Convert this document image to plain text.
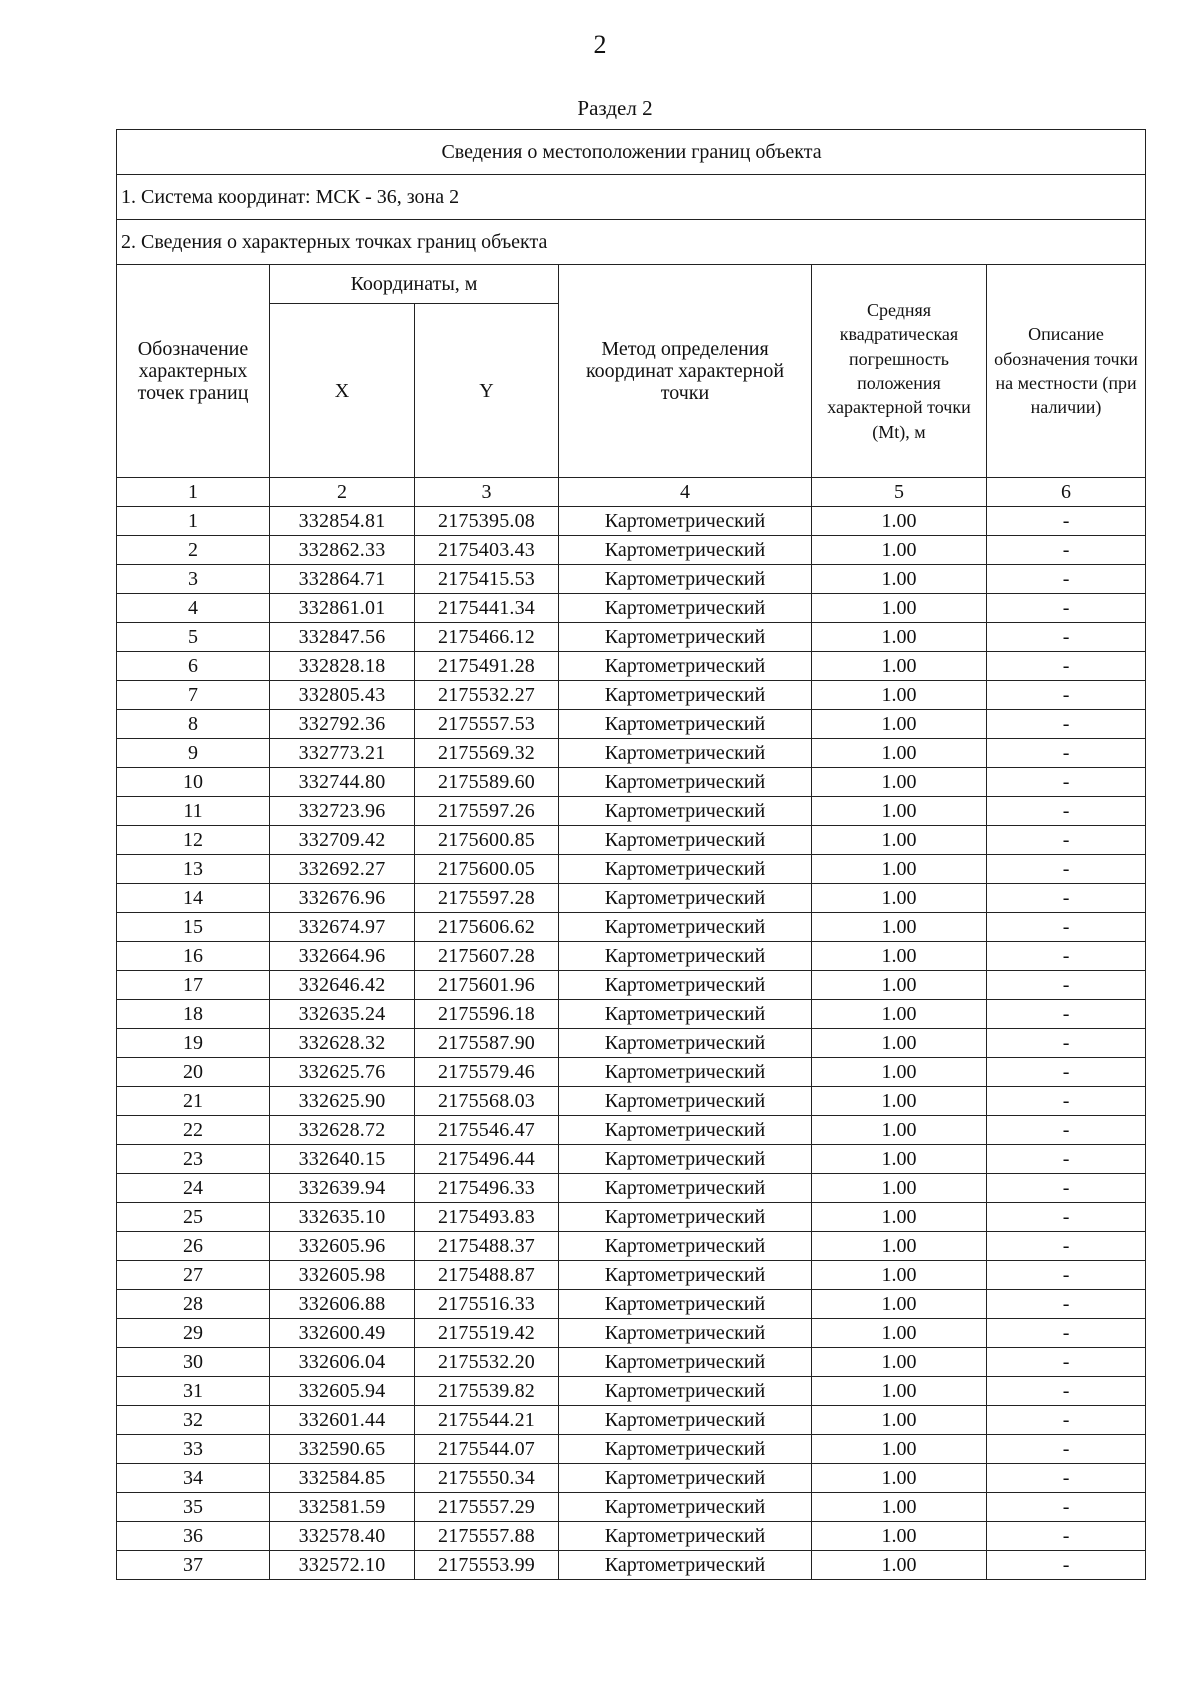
2
Раздел 2
Сведения о местоположении границ объекта					
1. Система координат: МСК - 36, зона 2					
2. Сведения о характерных точках границ объекта					
Обозначение характерных точек границ	Координаты, м		Метод определения координат характерной точки	Средняя квадратическая погрешность положения характерной точки (Mt), м	Описание обозначения точки на местности (при наличии)
	X	Y			
1	2	3	4	5	6
1	332854.81	2175395.08	Картометрический	1.00	-
2	332862.33	2175403.43	Картометрический	1.00	-
3	332864.71	2175415.53	Картометрический	1.00	-
4	332861.01	2175441.34	Картометрический	1.00	-
5	332847.56	2175466.12	Картометрический	1.00	-
6	332828.18	2175491.28	Картометрический	1.00	-
7	332805.43	2175532.27	Картометрический	1.00	-
8	332792.36	2175557.53	Картометрический	1.00	-
9	332773.21	2175569.32	Картометрический	1.00	-
10	332744.80	2175589.60	Картометрический	1.00	-
11	332723.96	2175597.26	Картометрический	1.00	-
12	332709.42	2175600.85	Картометрический	1.00	-
13	332692.27	2175600.05	Картометрический	1.00	-
14	332676.96	2175597.28	Картометрический	1.00	-
15	332674.97	2175606.62	Картометрический	1.00	-
16	332664.96	2175607.28	Картометрический	1.00	-
17	332646.42	2175601.96	Картометрический	1.00	-
18	332635.24	2175596.18	Картометрический	1.00	-
19	332628.32	2175587.90	Картометрический	1.00	-
20	332625.76	2175579.46	Картометрический	1.00	-
21	332625.90	2175568.03	Картометрический	1.00	-
22	332628.72	2175546.47	Картометрический	1.00	-
23	332640.15	2175496.44	Картометрический	1.00	-
24	332639.94	2175496.33	Картометрический	1.00	-
25	332635.10	2175493.83	Картометрический	1.00	-
26	332605.96	2175488.37	Картометрический	1.00	-
27	332605.98	2175488.87	Картометрический	1.00	-
28	332606.88	2175516.33	Картометрический	1.00	-
29	332600.49	2175519.42	Картометрический	1.00	-
30	332606.04	2175532.20	Картометрический	1.00	-
31	332605.94	2175539.82	Картометрический	1.00	-
32	332601.44	2175544.21	Картометрический	1.00	-
33	332590.65	2175544.07	Картометрический	1.00	-
34	332584.85	2175550.34	Картометрический	1.00	-
35	332581.59	2175557.29	Картометрический	1.00	-
36	332578.40	2175557.88	Картометрический	1.00	-
37	332572.10	2175553.99	Картометрический	1.00	-
